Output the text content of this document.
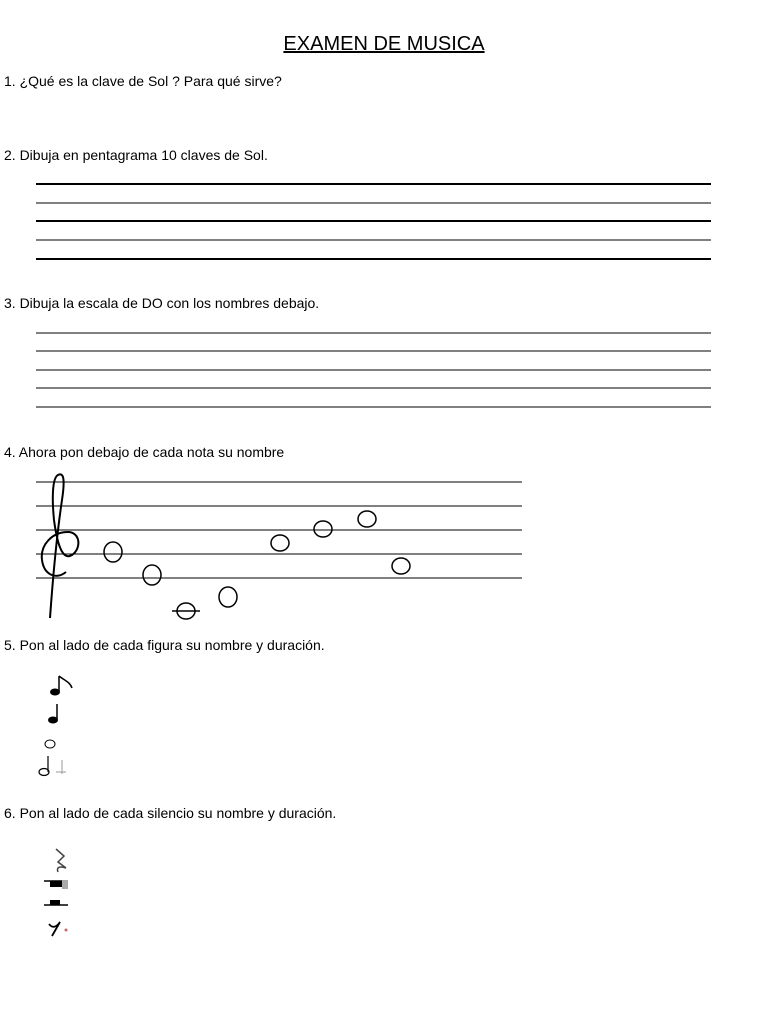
EXAMEN DE MUSICA
1. ¿Qué es la clave de Sol ? Para qué sirve?
2. Dibuja en pentagrama 10 claves de Sol.
3. Dibuja la escala de DO con los nombres debajo.
4. Ahora pon debajo de cada nota su nombre
5. Pon al lado de cada figura su nombre y duración.
6. Pon al lado de cada silencio su nombre y duración.
